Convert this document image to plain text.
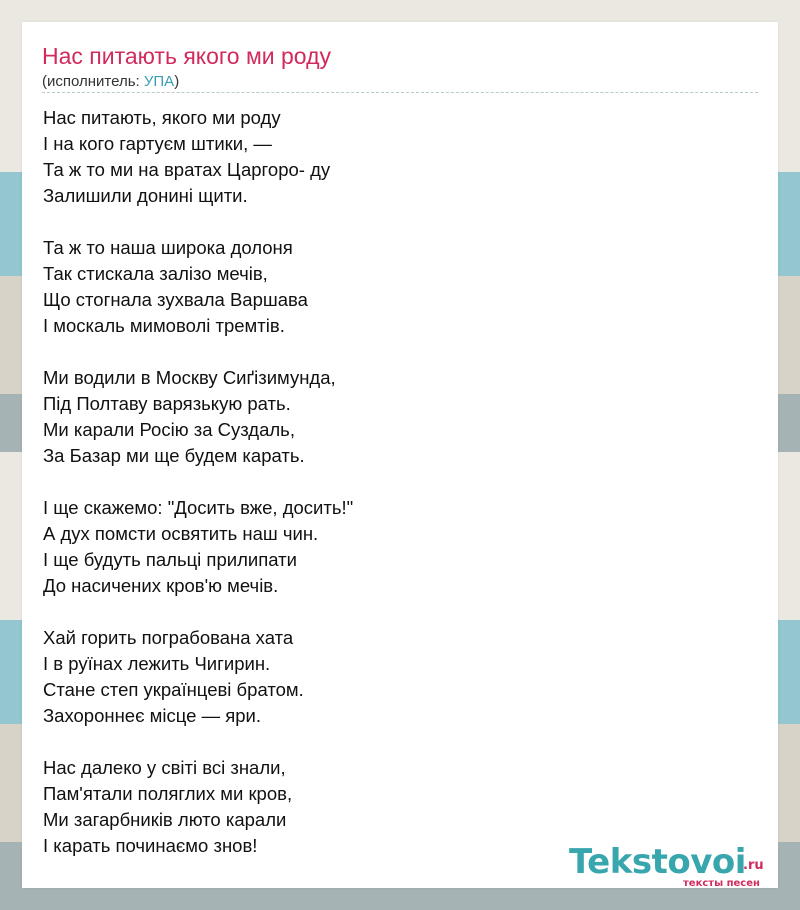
Нас питають якого ми роду
(исполнитель: УПА)
Нас питають, якого ми роду
І на кого гартуєм штики, —
Та ж то ми на вратах Царгоро- ду
Залишили донині щити.
Та ж то наша широка долоня
Так стискала залізо мечів,
Що стогнала зухвала Варшава
І москаль мимоволі тремтів.
Ми водили в Москву Сиґізимунда,
Під Полтаву варязькую рать.
Ми карали Росію за Суздаль,
За Базар ми ще будем карать.
І ще скажемо: "Досить вже, досить!"
А дух помсти освятить наш чин.
І ще будуть пальці прилипати
До насичених кров'ю мечів.
Хай горить пограбована хата
І в руїнах лежить Чигирин.
Стане степ українцеві братом.
Захороннеє місце — яри.
Нас далеко у світі всі знали,
Пам'ятали поляглих ми кров,
Ми загарбників люто карали
І карать починаємо знов!	Tekstovoi
.ru
тексты песен
